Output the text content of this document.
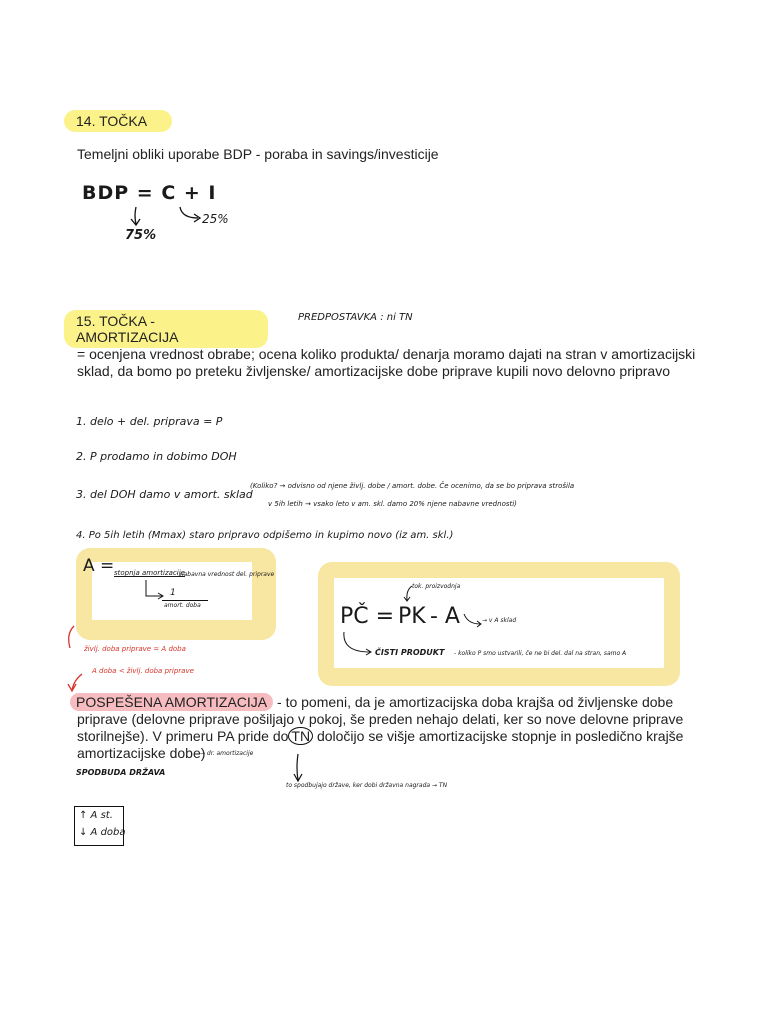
14. TOČKA
Temeljni obliki uporabe BDP - poraba in savings/investicije
BDP = C + I
75%
25%
15. TOČKA - AMORTIZACIJA
PREDPOSTAVKA : ni TN
= ocenjena vrednost obrabe; ocena koliko produkta/ denarja moramo dajati na stran v amortizacijski sklad, da bomo po preteku življenske/ amortizacijske dobe priprave kupili novo delovno pripravo
1. delo + del. priprava = P
2. P prodamo in dobimo DOH
3. del DOH damo v amort. sklad
(Koliko? → odvisno od njene življ. dobe / amort. dobe. Če ocenimo, da se bo priprava strošila
v 5ih letih → vsako leto v am. skl. damo 20% njene nabavne vrednosti)
4. Po 5ih letih (Mmax) staro pripravo odpišemo in kupimo novo (iz am. skl.)
A = stopnja amortizacije
· nabavna vrednost del. priprave
1
amort. doba
tok. proizvodnja
PČ = PK - A	→ v A sklad
ČISTI PRODUKT - koliko P smo ustvarili, če ne bi del. dal na stran, samo A
življ. doba priprave = A doba
A doba < življ. doba priprave
POSPEŠENA AMORTIZACIJA - to pomeni, da je amortizacijska doba krajša od življenske dobe
priprave (delovne priprave pošiljajo v pokoj, še preden nehajo delati, ker so nove delovne priprave
storilnejše). V primeru PA pride do TN določijo se višje amortizacijske stopnje in posledično krajše
amortizacijske dobe)
→ dr. amortizacije
SPODBUDA DRŽAVA
to spodbujajo države, ker dobi državna nagrada → TN
↑ A st.
↓ A doba
